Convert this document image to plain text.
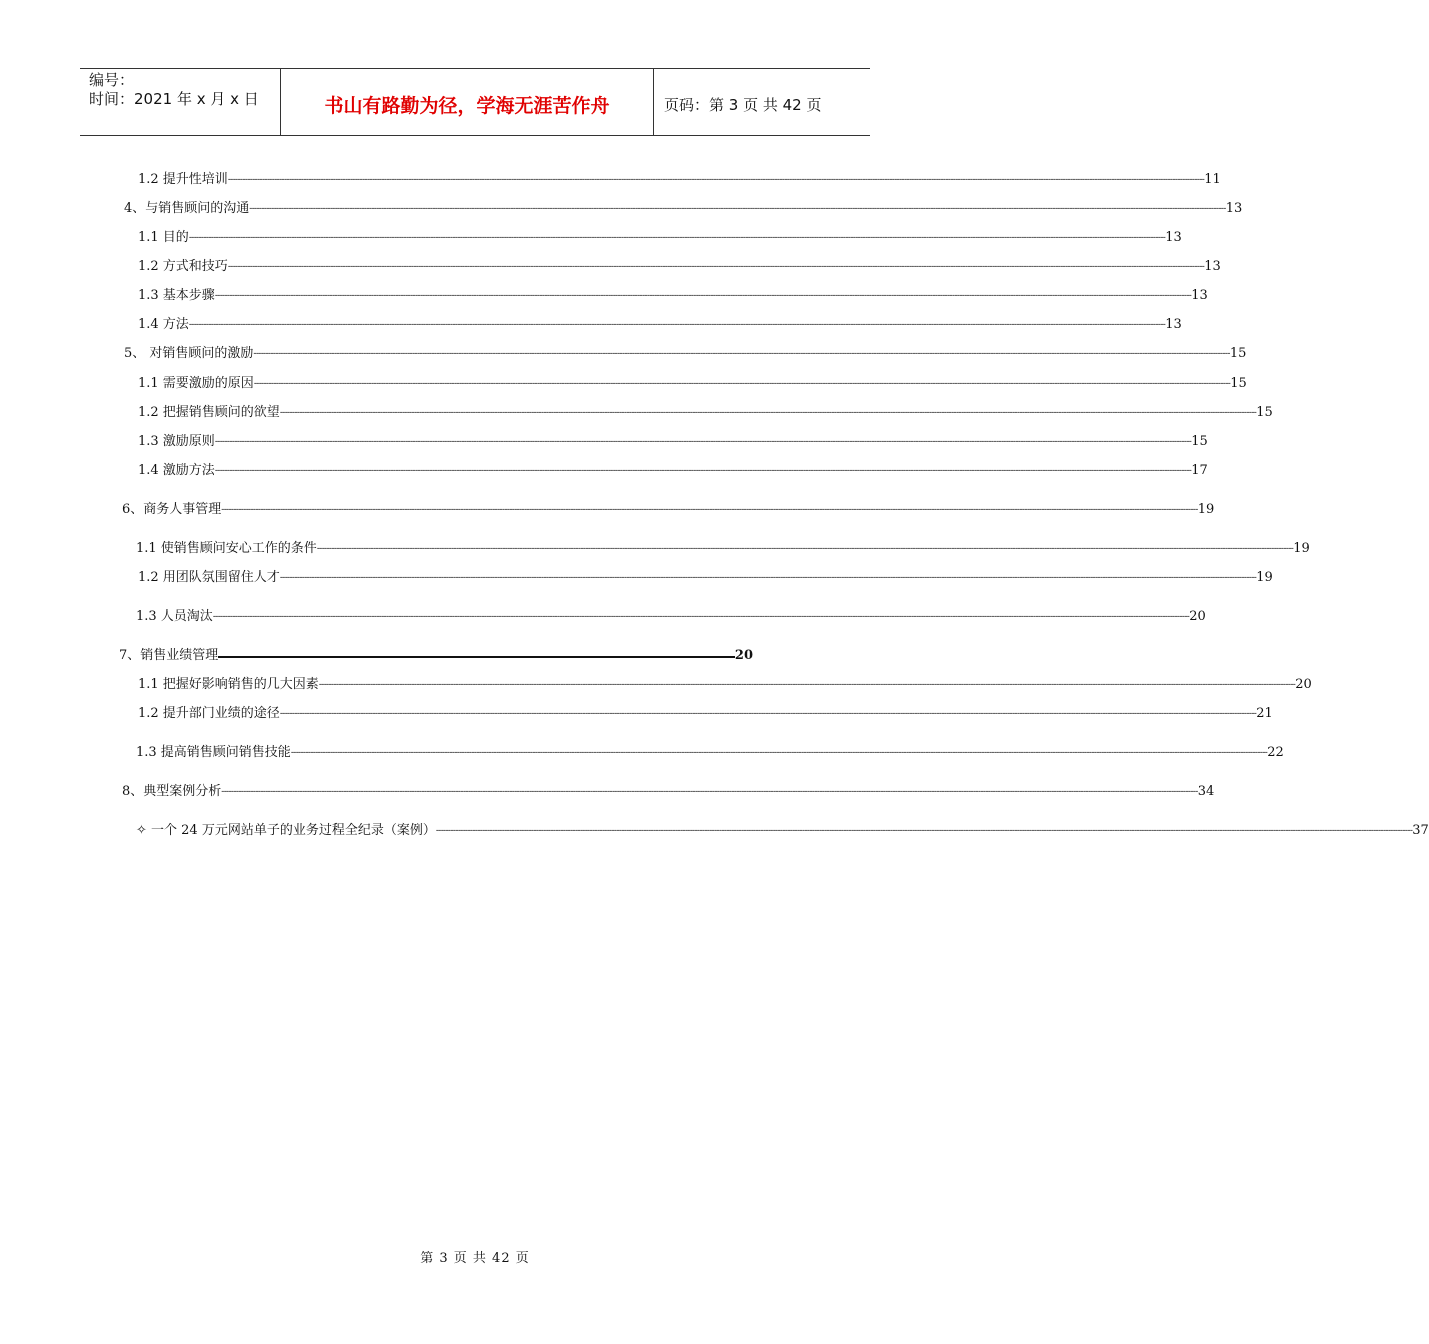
编号：
时间：2021 年 x 月 x 日	书山有路勤为径，学海无涯苦作舟	页码：第 3 页 共 42 页
1.2 提升性培训 ---------------------------------------------------------------------------------------------------------------------------------------------------------------------------------------------------------------------------------------------------------------------------------------------------------------------------------------------------------------------------------------------------------------- 11
4、与销售顾问的沟通 ---------------------------------------------------------------------------------------------------------------------------------------------------------------------------------------------------------------------------------------------------------------------------------------------------------------------------------------------------------------------------------------------------------------- 13
1.1 目的 ---------------------------------------------------------------------------------------------------------------------------------------------------------------------------------------------------------------------------------------------------------------------------------------------------------------------------------------------------------------------------------------------------------------- 13
1.2 方式和技巧 ---------------------------------------------------------------------------------------------------------------------------------------------------------------------------------------------------------------------------------------------------------------------------------------------------------------------------------------------------------------------------------------------------------------- 13
1.3 基本步骤 ---------------------------------------------------------------------------------------------------------------------------------------------------------------------------------------------------------------------------------------------------------------------------------------------------------------------------------------------------------------------------------------------------------------- 13
1.4 方法 ---------------------------------------------------------------------------------------------------------------------------------------------------------------------------------------------------------------------------------------------------------------------------------------------------------------------------------------------------------------------------------------------------------------- 13
5、 对销售顾问的激励 ---------------------------------------------------------------------------------------------------------------------------------------------------------------------------------------------------------------------------------------------------------------------------------------------------------------------------------------------------------------------------------------------------------------- 15
1.1 需要激励的原因 ---------------------------------------------------------------------------------------------------------------------------------------------------------------------------------------------------------------------------------------------------------------------------------------------------------------------------------------------------------------------------------------------------------------- 15
1.2 把握销售顾问的欲望 ---------------------------------------------------------------------------------------------------------------------------------------------------------------------------------------------------------------------------------------------------------------------------------------------------------------------------------------------------------------------------------------------------------------- 15
1.3 激励原则 ---------------------------------------------------------------------------------------------------------------------------------------------------------------------------------------------------------------------------------------------------------------------------------------------------------------------------------------------------------------------------------------------------------------- 15
1.4 激励方法 ---------------------------------------------------------------------------------------------------------------------------------------------------------------------------------------------------------------------------------------------------------------------------------------------------------------------------------------------------------------------------------------------------------------- 17
6、商务人事管理 ---------------------------------------------------------------------------------------------------------------------------------------------------------------------------------------------------------------------------------------------------------------------------------------------------------------------------------------------------------------------------------------------------------------- 19
1.1 使销售顾问安心工作的条件 ---------------------------------------------------------------------------------------------------------------------------------------------------------------------------------------------------------------------------------------------------------------------------------------------------------------------------------------------------------------------------------------------------------------- 19
1.2 用团队氛围留住人才 ---------------------------------------------------------------------------------------------------------------------------------------------------------------------------------------------------------------------------------------------------------------------------------------------------------------------------------------------------------------------------------------------------------------- 19
1.3 人员淘汰 ---------------------------------------------------------------------------------------------------------------------------------------------------------------------------------------------------------------------------------------------------------------------------------------------------------------------------------------------------------------------------------------------------------------- 20
7、销售业绩管理	20
1.1 把握好影响销售的几大因素 ---------------------------------------------------------------------------------------------------------------------------------------------------------------------------------------------------------------------------------------------------------------------------------------------------------------------------------------------------------------------------------------------------------------- 20
1.2 提升部门业绩的途径 ---------------------------------------------------------------------------------------------------------------------------------------------------------------------------------------------------------------------------------------------------------------------------------------------------------------------------------------------------------------------------------------------------------------- 21
1.3 提高销售顾问销售技能 ---------------------------------------------------------------------------------------------------------------------------------------------------------------------------------------------------------------------------------------------------------------------------------------------------------------------------------------------------------------------------------------------------------------- 22
8、典型案例分析 ---------------------------------------------------------------------------------------------------------------------------------------------------------------------------------------------------------------------------------------------------------------------------------------------------------------------------------------------------------------------------------------------------------------- 34
✧ 一个 24 万元网站单子的业务过程全纪录（案例） ---------------------------------------------------------------------------------------------------------------------------------------------------------------------------------------------------------------------------------------------------------------------------------------------------------------------------------------------------------------------------------------------------------------- 37
第 3 页 共 42 页
